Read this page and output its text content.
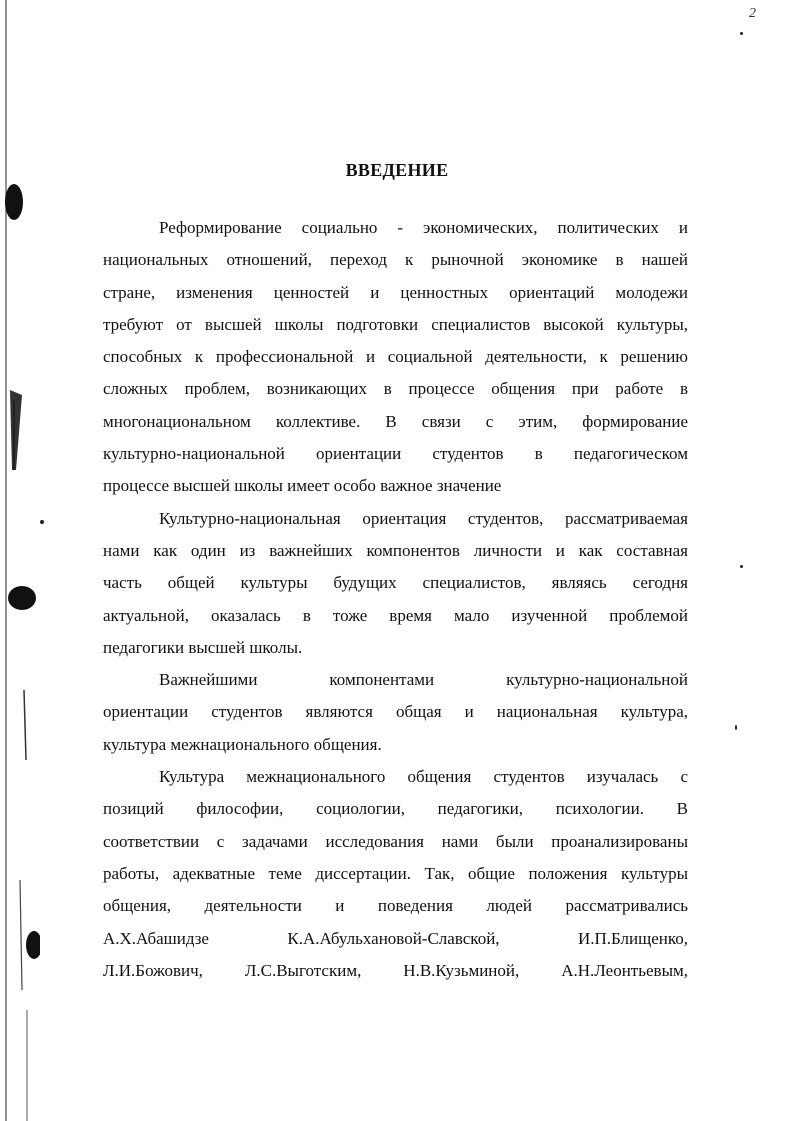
2
ВВЕДЕНИЕ

Реформирование социально - экономических, политических и
национальных отношений, переход к рыночной экономике в нашей
стране, изменения ценностей и ценностных ориентаций молодежи
требуют от высшей школы подготовки специалистов высокой культуры,
способных к профессиональной и социальной деятельности, к решению
сложных проблем, возникающих в процессе общения при работе в
многонациональном коллективе. В связи с этим, формирование
культурно-национальной ориентации студентов в педагогическом
процессе высшей школы имеет особо важное значение

Культурно-национальная ориентация студентов, рассматриваемая
нами как один из важнейших компонентов личности и как составная
часть общей культуры будущих специалистов, являясь сегодня
актуальной, оказалась в тоже время мало изученной проблемой
педагогики высшей школы.

Важнейшими компонентами культурно-национальной
ориентации студентов являются общая и национальная культура,
культура межнационального общения.

Культура межнационального общения студентов изучалась с
позиций философии, социологии, педагогики, психологии. В
соответствии с задачами исследования нами были проанализированы
работы, адекватные теме диссертации. Так, общие положения культуры
общения, деятельности и поведения людей рассматривались
А.Х.Абашидзе К.А.Абульхановой-Славской, И.П.Блищенко,
Л.И.Божович, Л.С.Выготским, Н.В.Кузьминой, А.Н.Леонтьевым,
